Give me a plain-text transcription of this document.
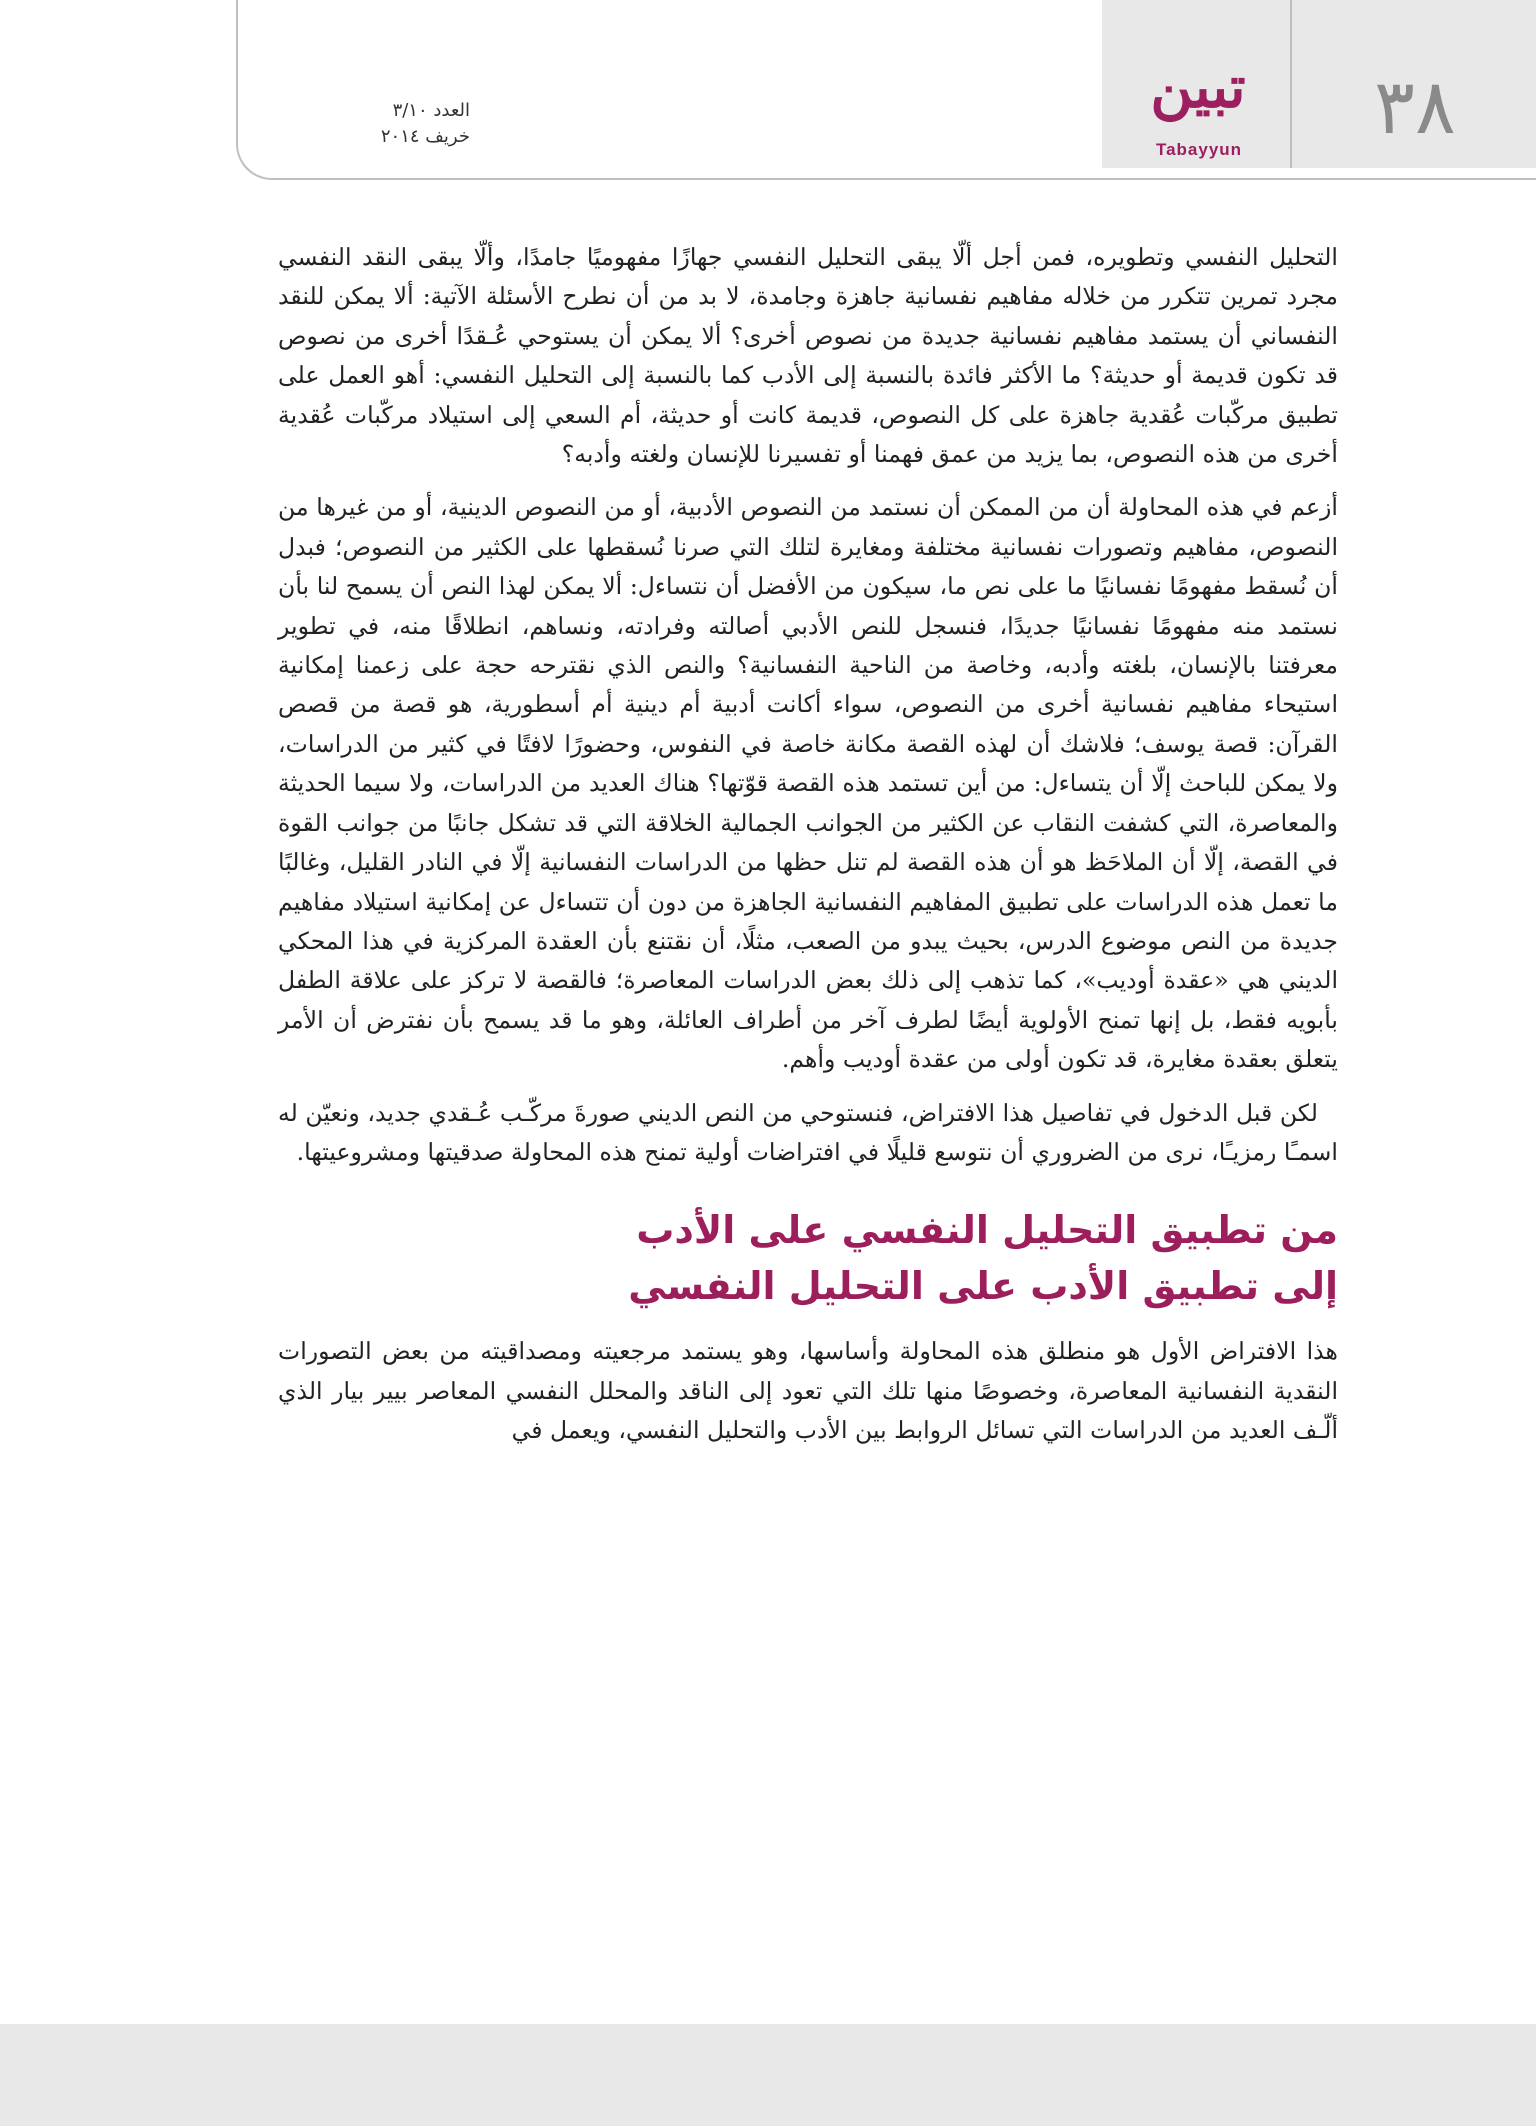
٣٨
تبين
Tabayyun
العدد ٣/١٠
خريف ٢٠١٤

التحليل النفسي وتطويره، فمن أجل ألّا يبقى التحليل النفسي جهازًا مفهوميًا جامدًا، وألّا يبقى النقد النفسي مجرد تمرين تتكرر من خلاله مفاهيم نفسانية جاهزة وجامدة، لا بد من أن نطرح الأسئلة الآتية: ألا يمكن للنقد النفساني أن يستمد مفاهيم نفسانية جديدة من نصوص أخرى؟ ألا يمكن أن يستوحي عُـقدًا أخرى من نصوص قد تكون قديمة أو حديثة؟ ما الأكثر فائدة بالنسبة إلى الأدب كما بالنسبة إلى التحليل النفسي: أهو العمل على تطبيق مركّبات عُقدية جاهزة على كل النصوص، قديمة كانت أو حديثة، أم السعي إلى استيلاد مركّبات عُقدية أخرى من هذه النصوص، بما يزيد من عمق فهمنا أو تفسيرنا للإنسان ولغته وأدبه؟

أزعم في هذه المحاولة أن من الممكن أن نستمد من النصوص الأدبية، أو من النصوص الدينية، أو من غيرها من النصوص، مفاهيم وتصورات نفسانية مختلفة ومغايرة لتلك التي صرنا نُسقطها على الكثير من النصوص؛ فبدل أن نُسقط مفهومًا نفسانيًا ما على نص ما، سيكون من الأفضل أن نتساءل: ألا يمكن لهذا النص أن يسمح لنا بأن نستمد منه مفهومًا نفسانيًا جديدًا، فنسجل للنص الأدبي أصالته وفرادته، ونساهم، انطلاقًا منه، في تطوير معرفتنا بالإنسان، بلغته وأدبه، وخاصة من الناحية النفسانية؟ والنص الذي نقترحه حجة على زعمنا إمكانية استيحاء مفاهيم نفسانية أخرى من النصوص، سواء أكانت أدبية أم دينية أم أسطورية، هو قصة من قصص القرآن: قصة يوسف؛ فلاشك أن لهذه القصة مكانة خاصة في النفوس، وحضورًا لافتًا في كثير من الدراسات، ولا يمكن للباحث إلّا أن يتساءل: من أين تستمد هذه القصة قوّتها؟ هناك العديد من الدراسات، ولا سيما الحديثة والمعاصرة، التي كشفت النقاب عن الكثير من الجوانب الجمالية الخلاقة التي قد تشكل جانبًا من جوانب القوة في القصة، إلّا أن الملاحَظ هو أن هذه القصة لم تنل حظها من الدراسات النفسانية إلّا في النادر القليل، وغالبًا ما تعمل هذه الدراسات على تطبيق المفاهيم النفسانية الجاهزة من دون أن تتساءل عن إمكانية استيلاد مفاهيم جديدة من النص موضوع الدرس، بحيث يبدو من الصعب، مثلًا، أن نقتنع بأن العقدة المركزية في هذا المحكي الديني هي «عقدة أوديب»، كما تذهب إلى ذلك بعض الدراسات المعاصرة؛ فالقصة لا تركز على علاقة الطفل بأبويه فقط، بل إنها تمنح الأولوية أيضًا لطرف آخر من أطراف العائلة، وهو ما قد يسمح بأن نفترض أن الأمر يتعلق بعقدة مغايرة، قد تكون أولى من عقدة أوديب وأهم.

لكن قبل الدخول في تفاصيل هذا الافتراض، فنستوحي من النص الديني صورةَ مركّـب عُـقدي جديد، ونعيّن له اسمـًا رمزيـًا، نرى من الضروري أن نتوسع قليلًا في افتراضات أولية تمنح هذه المحاولة صدقيتها ومشروعيتها.

من تطبيق التحليل النفسي على الأدب
إلى تطبيق الأدب على التحليل النفسي

هذا الافتراض الأول هو منطلق هذه المحاولة وأساسها، وهو يستمد مرجعيته ومصداقيته من بعض التصورات النقدية النفسانية المعاصرة، وخصوصًا منها تلك التي تعود إلى الناقد والمحلل النفسي المعاصر بيير بيار الذي ألّـف العديد من الدراسات التي تسائل الروابط بين الأدب والتحليل النفسي، ويعمل في
